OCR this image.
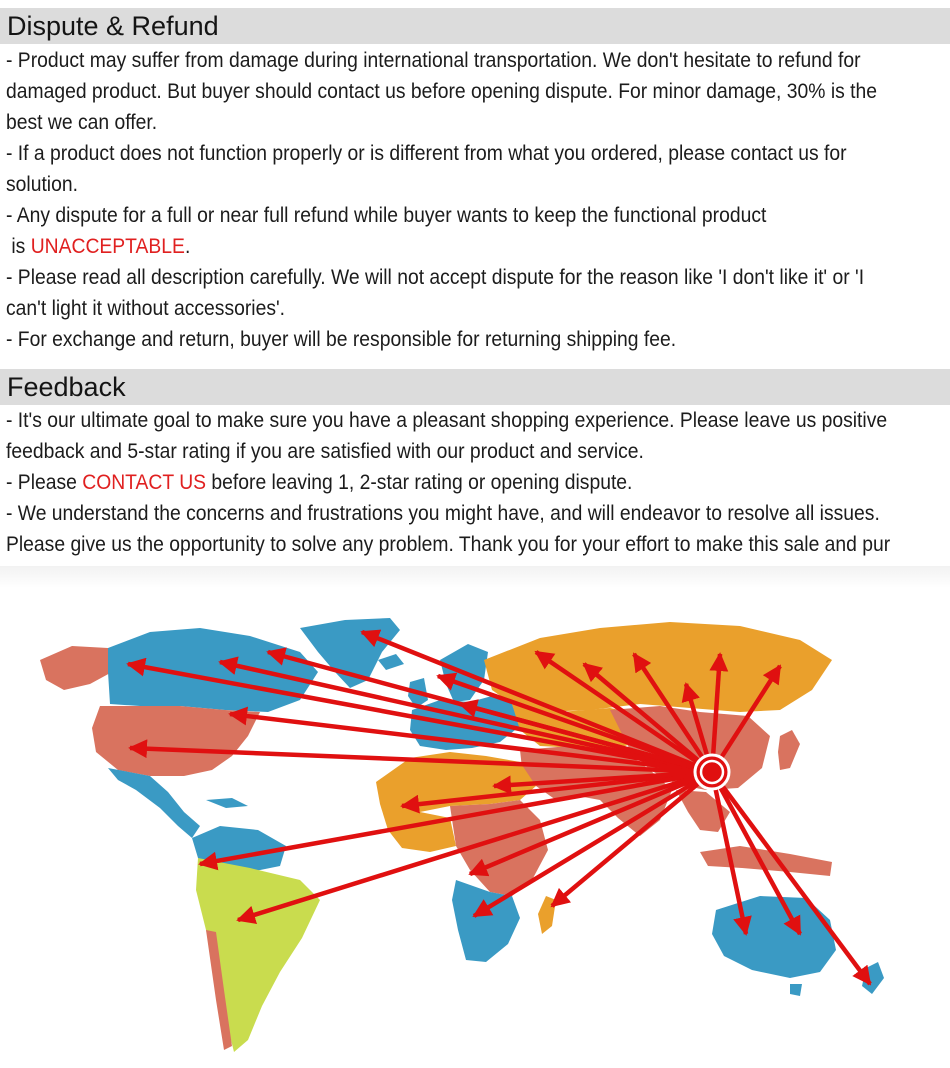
Dispute & Refund
- Product may suffer from damage during international transportation. We don't hesitate to refund for
damaged product. But buyer should contact us before opening dispute. For minor damage, 30% is the
best we can offer.
- If a product does not function properly or is different from what you ordered, please contact us for
solution.
- Any dispute for a full or near full refund while buyer wants to keep the functional product
is UNACCEPTABLE.
- Please read all description carefully. We will not accept dispute for the reason like 'I don't like it' or 'I
can't light it without accessories'.
- For exchange and return, buyer will be responsible for returning shipping fee.
Feedback
- It's our ultimate goal to make sure you have a pleasant shopping experience. Please leave us positive
feedback and 5-star rating if you are satisfied with our product and service.
- Please CONTACT US before leaving 1, 2-star rating or opening dispute.
- We understand the concerns and frustrations you might have, and will endeavor to resolve all issues.
Please give us the opportunity to solve any problem. Thank you for your effort to make this sale and pur
